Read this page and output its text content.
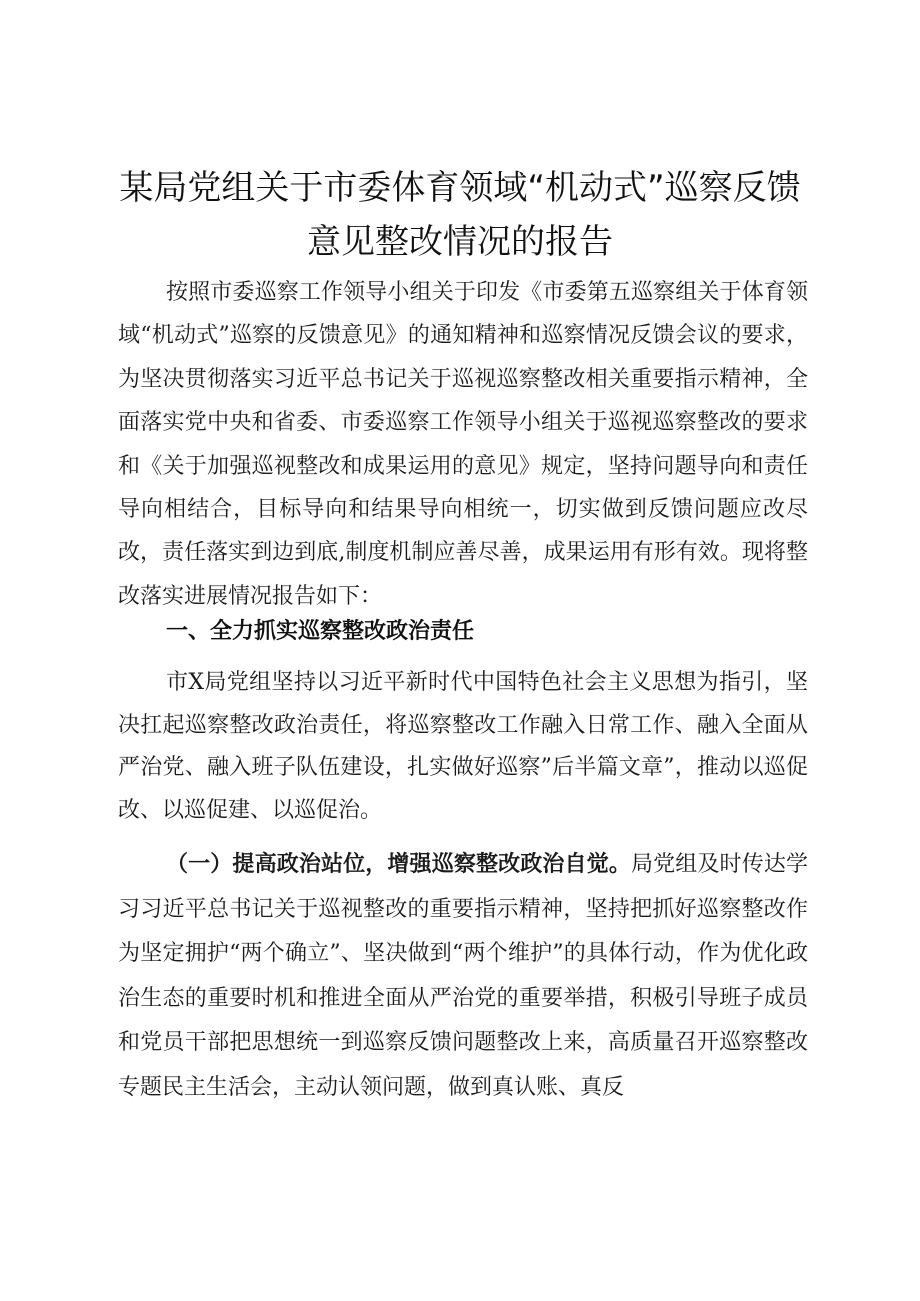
某局党组关于市委体育领域“机动式”巡察反馈
意见整改情况的报告

按照市委巡察工作领导小组关于印发《市委第五巡察组关于体育领域“机动式”巡察的反馈意见》的通知精神和巡察情况反馈会议的要求，为坚决贯彻落实习近平总书记关于巡视巡察整改相关重要指示精神，全面落实党中央和省委、市委巡察工作领导小组关于巡视巡察整改的要求和《关于加强巡视整改和成果运用的意见》规定，坚持问题导向和责任导向相结合，目标导向和结果导向相统一，切实做到反馈问题应改尽改，责任落实到边到底,制度机制应善尽善，成果运用有形有效。现将整改落实进展情况报告如下：

一、全力抓实巡察整改政治责任

市X局党组坚持以习近平新时代中国特色社会主义思想为指引，坚决扛起巡察整改政治责任，将巡察整改工作融入日常工作、融入全面从严治党、融入班子队伍建设，扎实做好巡察”后半篇文章”，推动以巡促改、以巡促建、以巡促治。

（一）提高政治站位，增强巡察整改政治自觉。局党组及时传达学习习近平总书记关于巡视整改的重要指示精神，坚持把抓好巡察整改作为坚定拥护“两个确立”、坚决做到“两个维护”的具体行动，作为优化政治生态的重要时机和推进全面从严治党的重要举措，积极引导班子成员和党员干部把思想统一到巡察反馈问题整改上来，高质量召开巡察整改专题民主生活会，主动认领问题，做到真认账、真反
